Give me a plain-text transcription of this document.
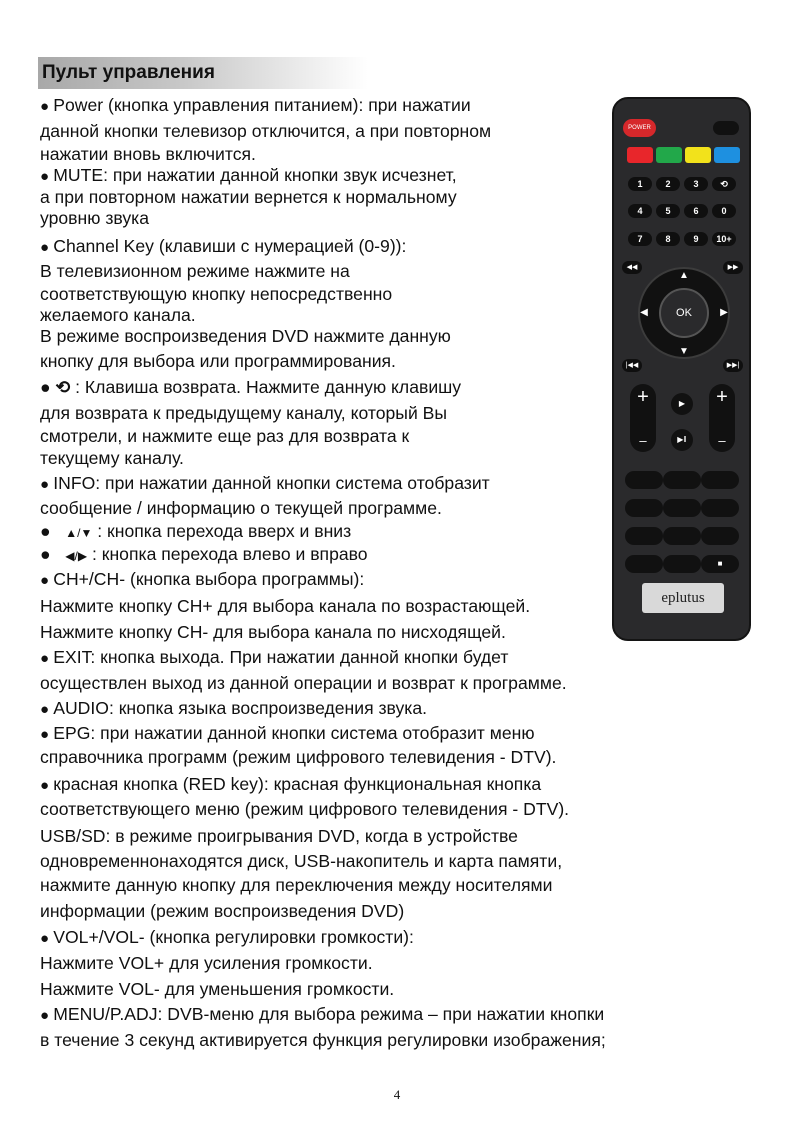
Пульт управления
● Power (кнопка управления питанием): при нажатии
данной кнопки телевизор отключится, а при повторном
нажатии вновь включится.
● MUTE: при нажатии данной кнопки звук исчезнет,
а при повторном нажатии вернется к нормальному
уровню звука
● Channel Key (клавиши с нумерацией (0-9)):
В телевизионном режиме нажмите на
соответствующую кнопку непосредственно
желаемого канала.
В режиме воспроизведения DVD нажмите данную
кнопку для выбора или программирования.
● ⟲ : Клавиша возврата. Нажмите данную клавишу
для возврата к предыдущему каналу, который Вы
смотрели, и нажмите еще раз для возврата к
текущему каналу.
● INFO: при нажатии данной кнопки система отобразит
сообщение / информацию о текущей программе.
●   ▲/▼ : кнопка перехода вверх и вниз
●   ◀/▶ : кнопка перехода влево и вправо
● CH+/CH- (кнопка выбора программы):
Нажмите кнопку CH+ для выбора канала по возрастающей.
Нажмите кнопку CH- для выбора канала по нисходящей.
● EXIT: кнопка выхода. При нажатии данной кнопки будет
осуществлен выход из данной операции и возврат к программе.
● AUDIO: кнопка языка воспроизведения звука.
● EPG: при нажатии данной кнопки система отобразит меню
справочника программ (режим цифрового телевидения - DTV).
● красная кнопка (RED key): красная функциональная кнопка
соответствующего меню (режим цифрового телевидения - DTV).
USB/SD: в режиме проигрывания DVD, когда в устройстве
одновременнонаходятся диск, USB-накопитель и карта памяти,
нажмите данную кнопку для переключения между носителями
информации (режим воспроизведения DVD)
● VOL+/VOL- (кнопка регулировки громкости):
Нажмите VOL+ для усиления громкости.
Нажмите VOL- для уменьшения громкости.
● MENU/P.ADJ: DVB-меню для выбора режима – при нажатии кнопки
в течение 3 секунд активируется функция регулировки изображения;
4
POWER
1	2	3	⟲
4	5	6	0
7	8	9	10+
◀◀	▶▶
▲
▼
◀	▶
OK
|◀◀	▶▶|
+
–
+
–
▶
▶‖
■
eplutus
